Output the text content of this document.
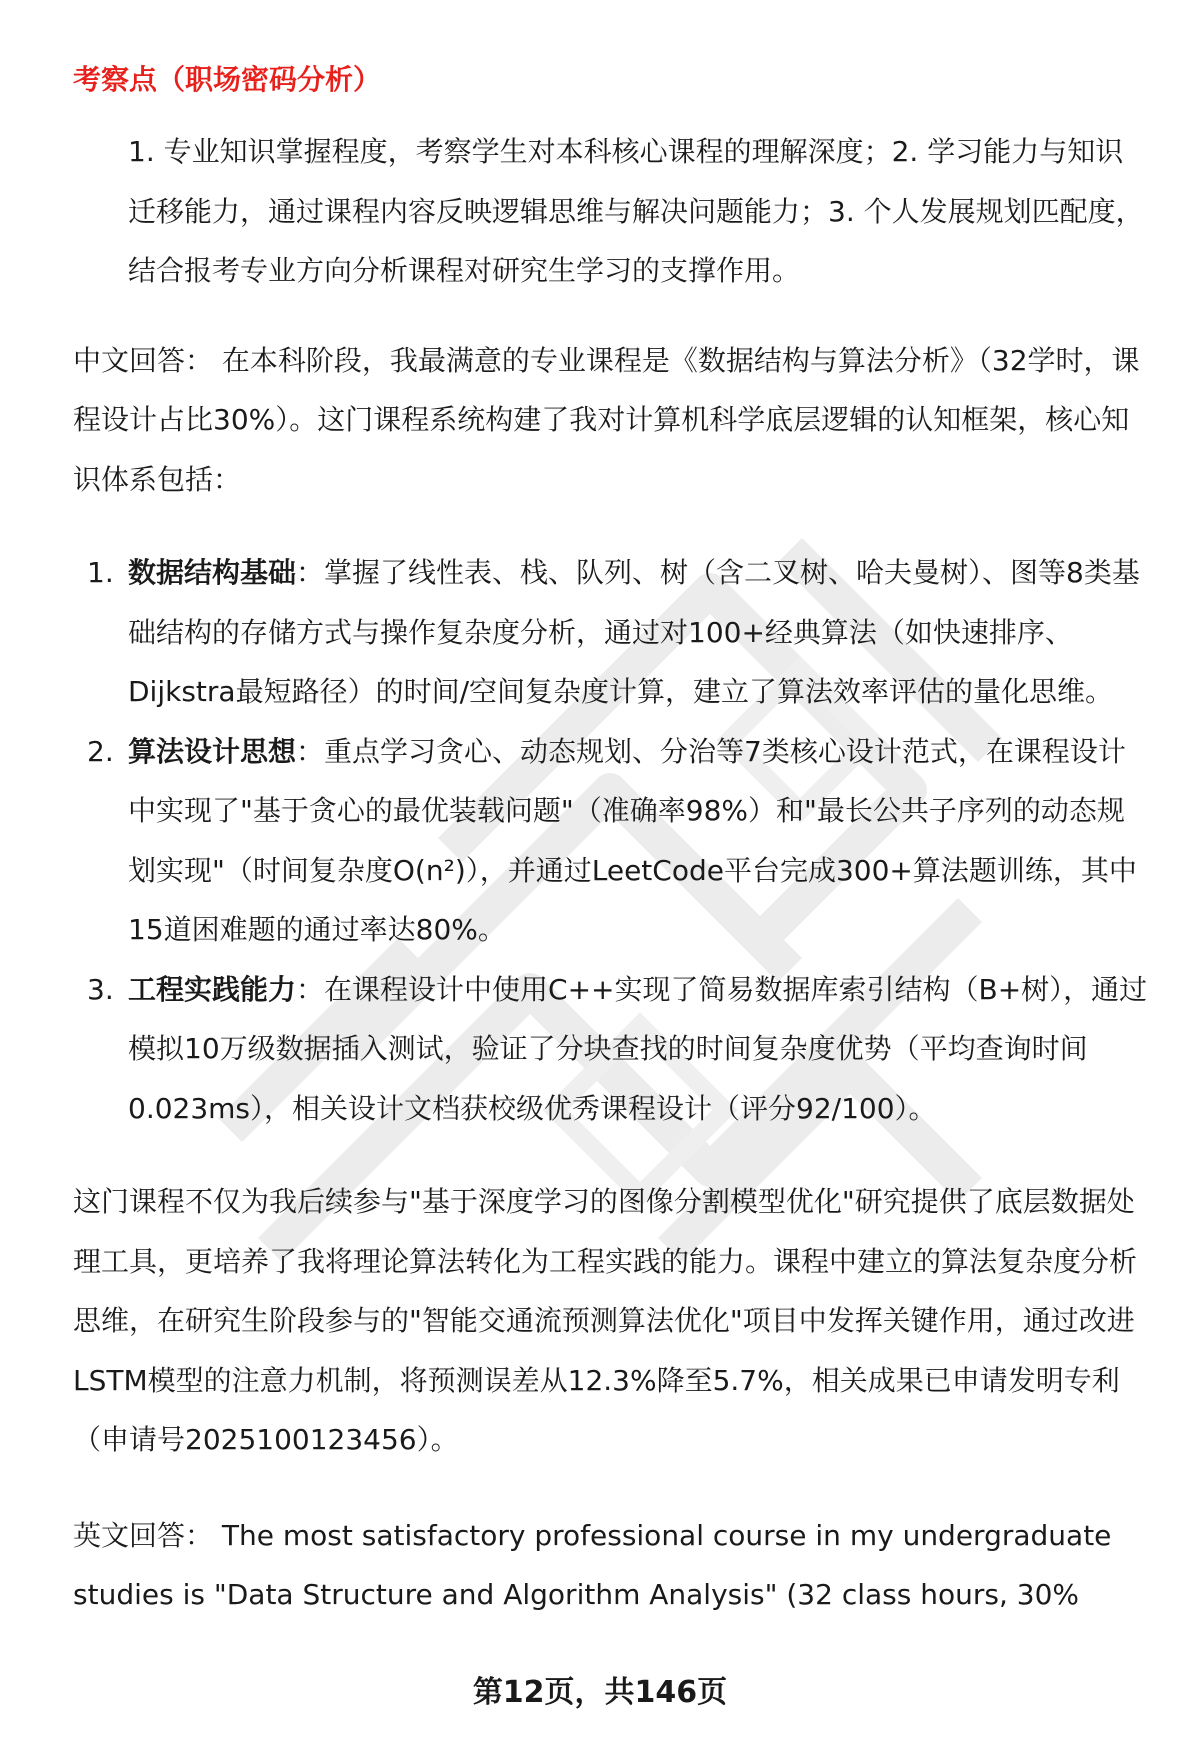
考察点（职场密码分析）
1. 专业知识掌握程度，考察学生对本科核心课程的理解深度；2. 学习能力与知识迁移能力，通过课程内容反映逻辑思维与解决问题能力；3. 个人发展规划匹配度，结合报考专业方向分析课程对研究生学习的支撑作用。

中文回答： 在本科阶段，我最满意的专业课程是《数据结构与算法分析》（32学时，课程设计占比30%）。这门课程系统构建了我对计算机科学底层逻辑的认知框架，核心知识体系包括：

1. 数据结构基础：掌握了线性表、栈、队列、树（含二叉树、哈夫曼树）、图等8类基础结构的存储方式与操作复杂度分析，通过对100+经典算法（如快速排序、Dijkstra最短路径）的时间/空间复杂度计算，建立了算法效率评估的量化思维。
2. 算法设计思想：重点学习贪心、动态规划、分治等7类核心设计范式，在课程设计中实现了"基于贪心的最优装载问题"（准确率98%）和"最长公共子序列的动态规划实现"（时间复杂度O(n²)），并通过LeetCode平台完成300+算法题训练，其中15道困难题的通过率达80%。
3. 工程实践能力：在课程设计中使用C++实现了简易数据库索引结构（B+树），通过模拟10万级数据插入测试，验证了分块查找的时间复杂度优势（平均查询时间0.023ms），相关设计文档获校级优秀课程设计（评分92/100）。

这门课程不仅为我后续参与"基于深度学习的图像分割模型优化"研究提供了底层数据处理工具，更培养了我将理论算法转化为工程实践的能力。课程中建立的算法复杂度分析思维，在研究生阶段参与的"智能交通流预测算法优化"项目中发挥关键作用，通过改进LSTM模型的注意力机制，将预测误差从12.3%降至5.7%，相关成果已申请发明专利（申请号2025100123456）。

英文回答： The most satisfactory professional course in my undergraduate studies is "Data Structure and Algorithm Analysis" (32 class hours, 30%

第12页，共146页
